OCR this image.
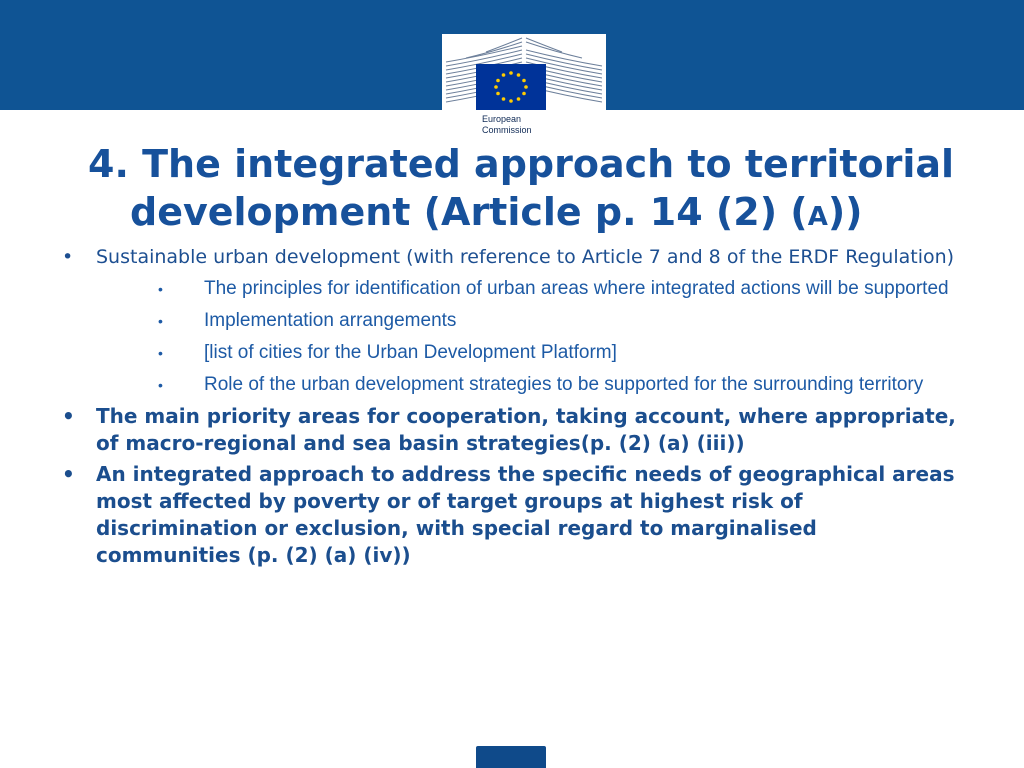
European
Commission
4. The integrated approach to territorial
development (Article p. 14 (2) (A))
• Sustainable urban development (with reference to Article 7 and 8 of the ERDF Regulation)
• The principles for identification of urban areas where integrated actions will be supported
• Implementation arrangements
• [list of cities for the Urban Development Platform]
• Role of the urban development strategies to be supported for the surrounding territory
• The main priority areas for cooperation, taking account, where appropriate, of macro-regional and sea basin strategies(p. (2) (a) (iii))
• An integrated approach to address the specific needs of geographical areas most affected by poverty or of target groups at highest risk of discrimination or exclusion, with special regard to marginalised communities (p. (2) (a) (iv))
